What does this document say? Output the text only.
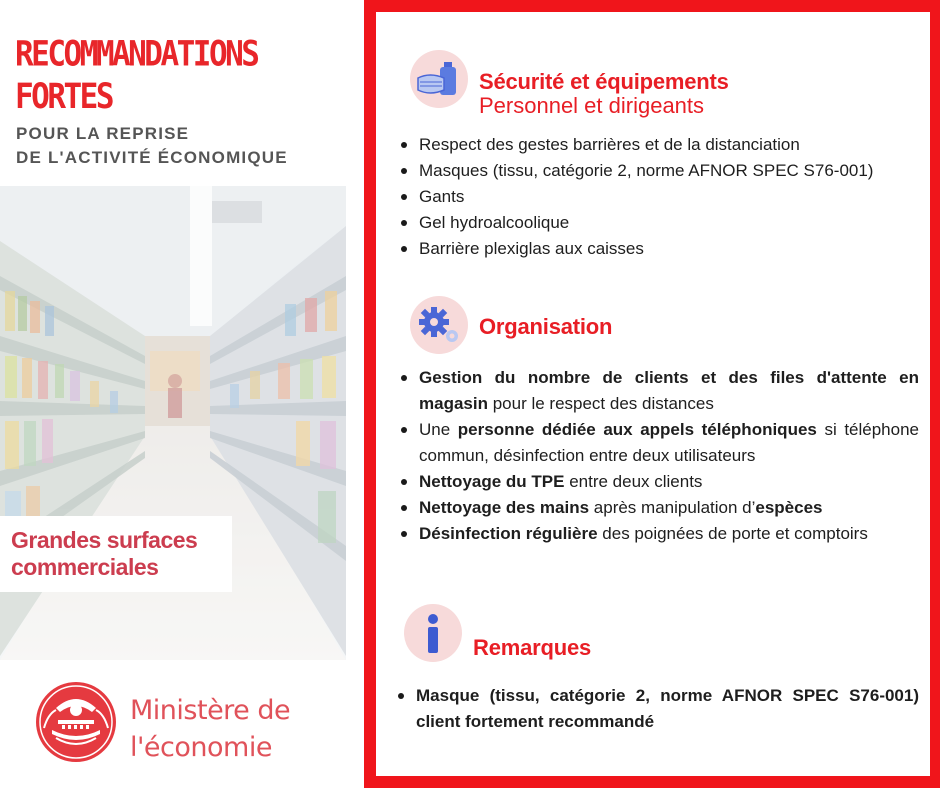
RECOMMANDATIONS
FORTES
POUR LA REPRISE
DE L'ACTIVITÉ ÉCONOMIQUE
Grandes surfaces
commerciales
Ministère de
l'économie
Sécurité et équipements
Personnel et dirigeants
Respect des gestes barrières et de la distanciation
Masques (tissu, catégorie 2, norme AFNOR SPEC S76-001)
Gants
Gel hydroalcoolique
Barrière plexiglas aux caisses
Organisation
Gestion du nombre de clients et des files d'attente en magasin pour le respect des distances
Une personne dédiée aux appels téléphoniques si téléphone commun, désinfection entre deux utilisateurs
Nettoyage du TPE entre deux clients
Nettoyage des mains après manipulation d’espèces
Désinfection régulière des poignées de porte et comptoirs
Remarques
Masque (tissu, catégorie 2, norme AFNOR SPEC S76-001) client fortement recommandé
